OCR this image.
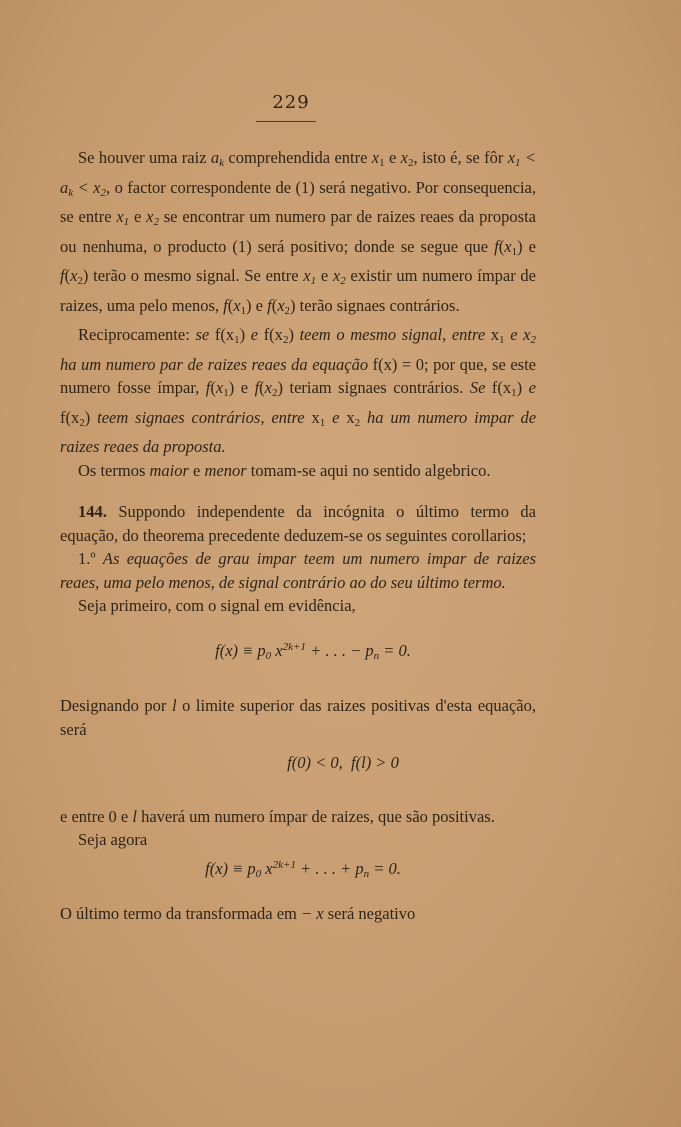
229

Se houver uma raiz $a_k$ comprehendida entre $x_1$ e $x_2$, isto é, se fôr $x_1 < a_k < x_2$, o factor correspondente de (1) será negativo. Por consequencia, se entre $x_1$ e $x_2$ se encontrar um numero par de raizes reaes da proposta ou nenhuma, o producto (1) será positivo; donde se segue que $f(x_1)$ e $f(x_2)$ terão o mesmo signal. Se entre $x_1$ e $x_2$ existir um numero ímpar de raizes, uma pelo menos, $f(x_1)$ e $f(x_2)$ terão signaes contrários.

Reciprocamente: se $f(x_1)$ e $f(x_2)$ teem o mesmo signal, entre $x_1$ e $x_2$ ha um numero par de raizes reaes da equação f(x) = 0; por que, se este numero fosse ímpar, $f(x_1)$ e $f(x_2)$ teriam signaes contrários. Se $f(x_1)$ e $f(x_2)$ teem signaes contrários, entre $x_1$ e $x_2$ ha um numero impar de raizes reaes da proposta.

Os termos maior e menor tomam-se aqui no sentido algebrico.

144. Suppondo independente da incógnita o último termo da equação, do theorema precedente deduzem-se os seguintes corollarios;

1.º As equações de grau impar teem um numero impar de raizes reaes, uma pelo menos, de signal contrário ao do seu último termo.

Seja primeiro, com o signal em evidência,

$f(x) \equiv p_0$ $x^{2k+1}$ + . . . − $p_n = 0$.

Designando por l o limite superior das raizes positivas d'esta equação, será

f(0) < 0,  f(l) > 0

e entre 0 e l haverá um numero ímpar de raizes, que são positivas.

Seja agora

$f(x) \equiv p_0$ $x^{2k+1}$ + . . . + $p_n = 0$.

O último termo da transformada em − x será negativo
